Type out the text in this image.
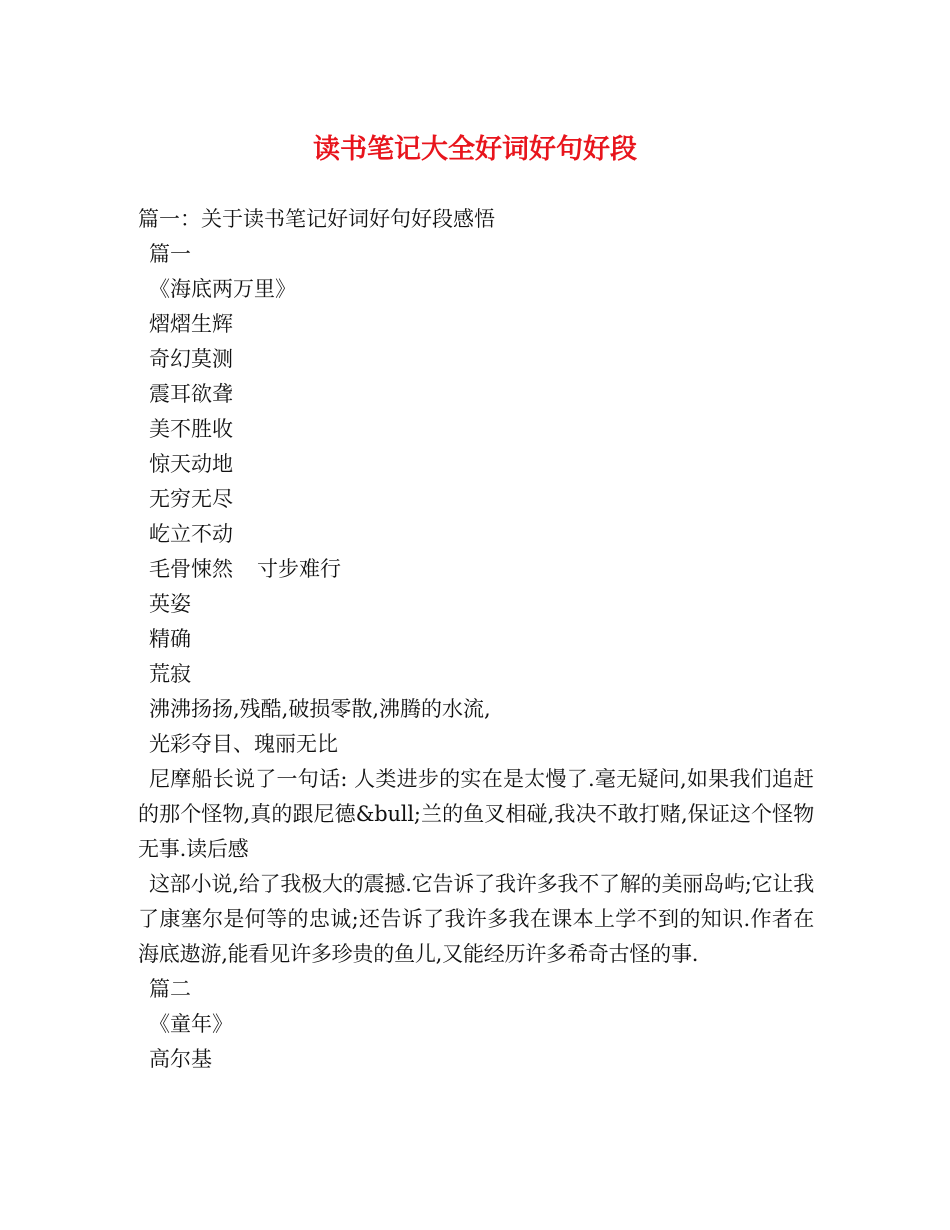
读书笔记大全好词好句好段
篇一：关于读书笔记好词好句好段感悟
篇一
《海底两万里》
熠熠生辉
奇幻莫测
震耳欲聋
美不胜收
惊天动地
无穷无尽
屹立不动
毛骨悚然 寸步难行
英姿
精确
荒寂
沸沸扬扬,残酷,破损零散,沸腾的水流,
光彩夺目、瑰丽无比
尼摩船长说了一句话: 人类进步的实在是太慢了.毫无疑问,如果我们追赶的那个怪物,真的跟尼德&bull;兰的鱼叉相碰,我决不敢打赌,保证这个怪物无事.读后感
这部小说,给了我极大的震撼.它告诉了我许多我不了解的美丽岛屿;它让我了康塞尔是何等的忠诚;还告诉了我许多我在课本上学不到的知识.作者在海底遨游,能看见许多珍贵的鱼儿,又能经历许多希奇古怪的事.
篇二
《童年》
高尔基
